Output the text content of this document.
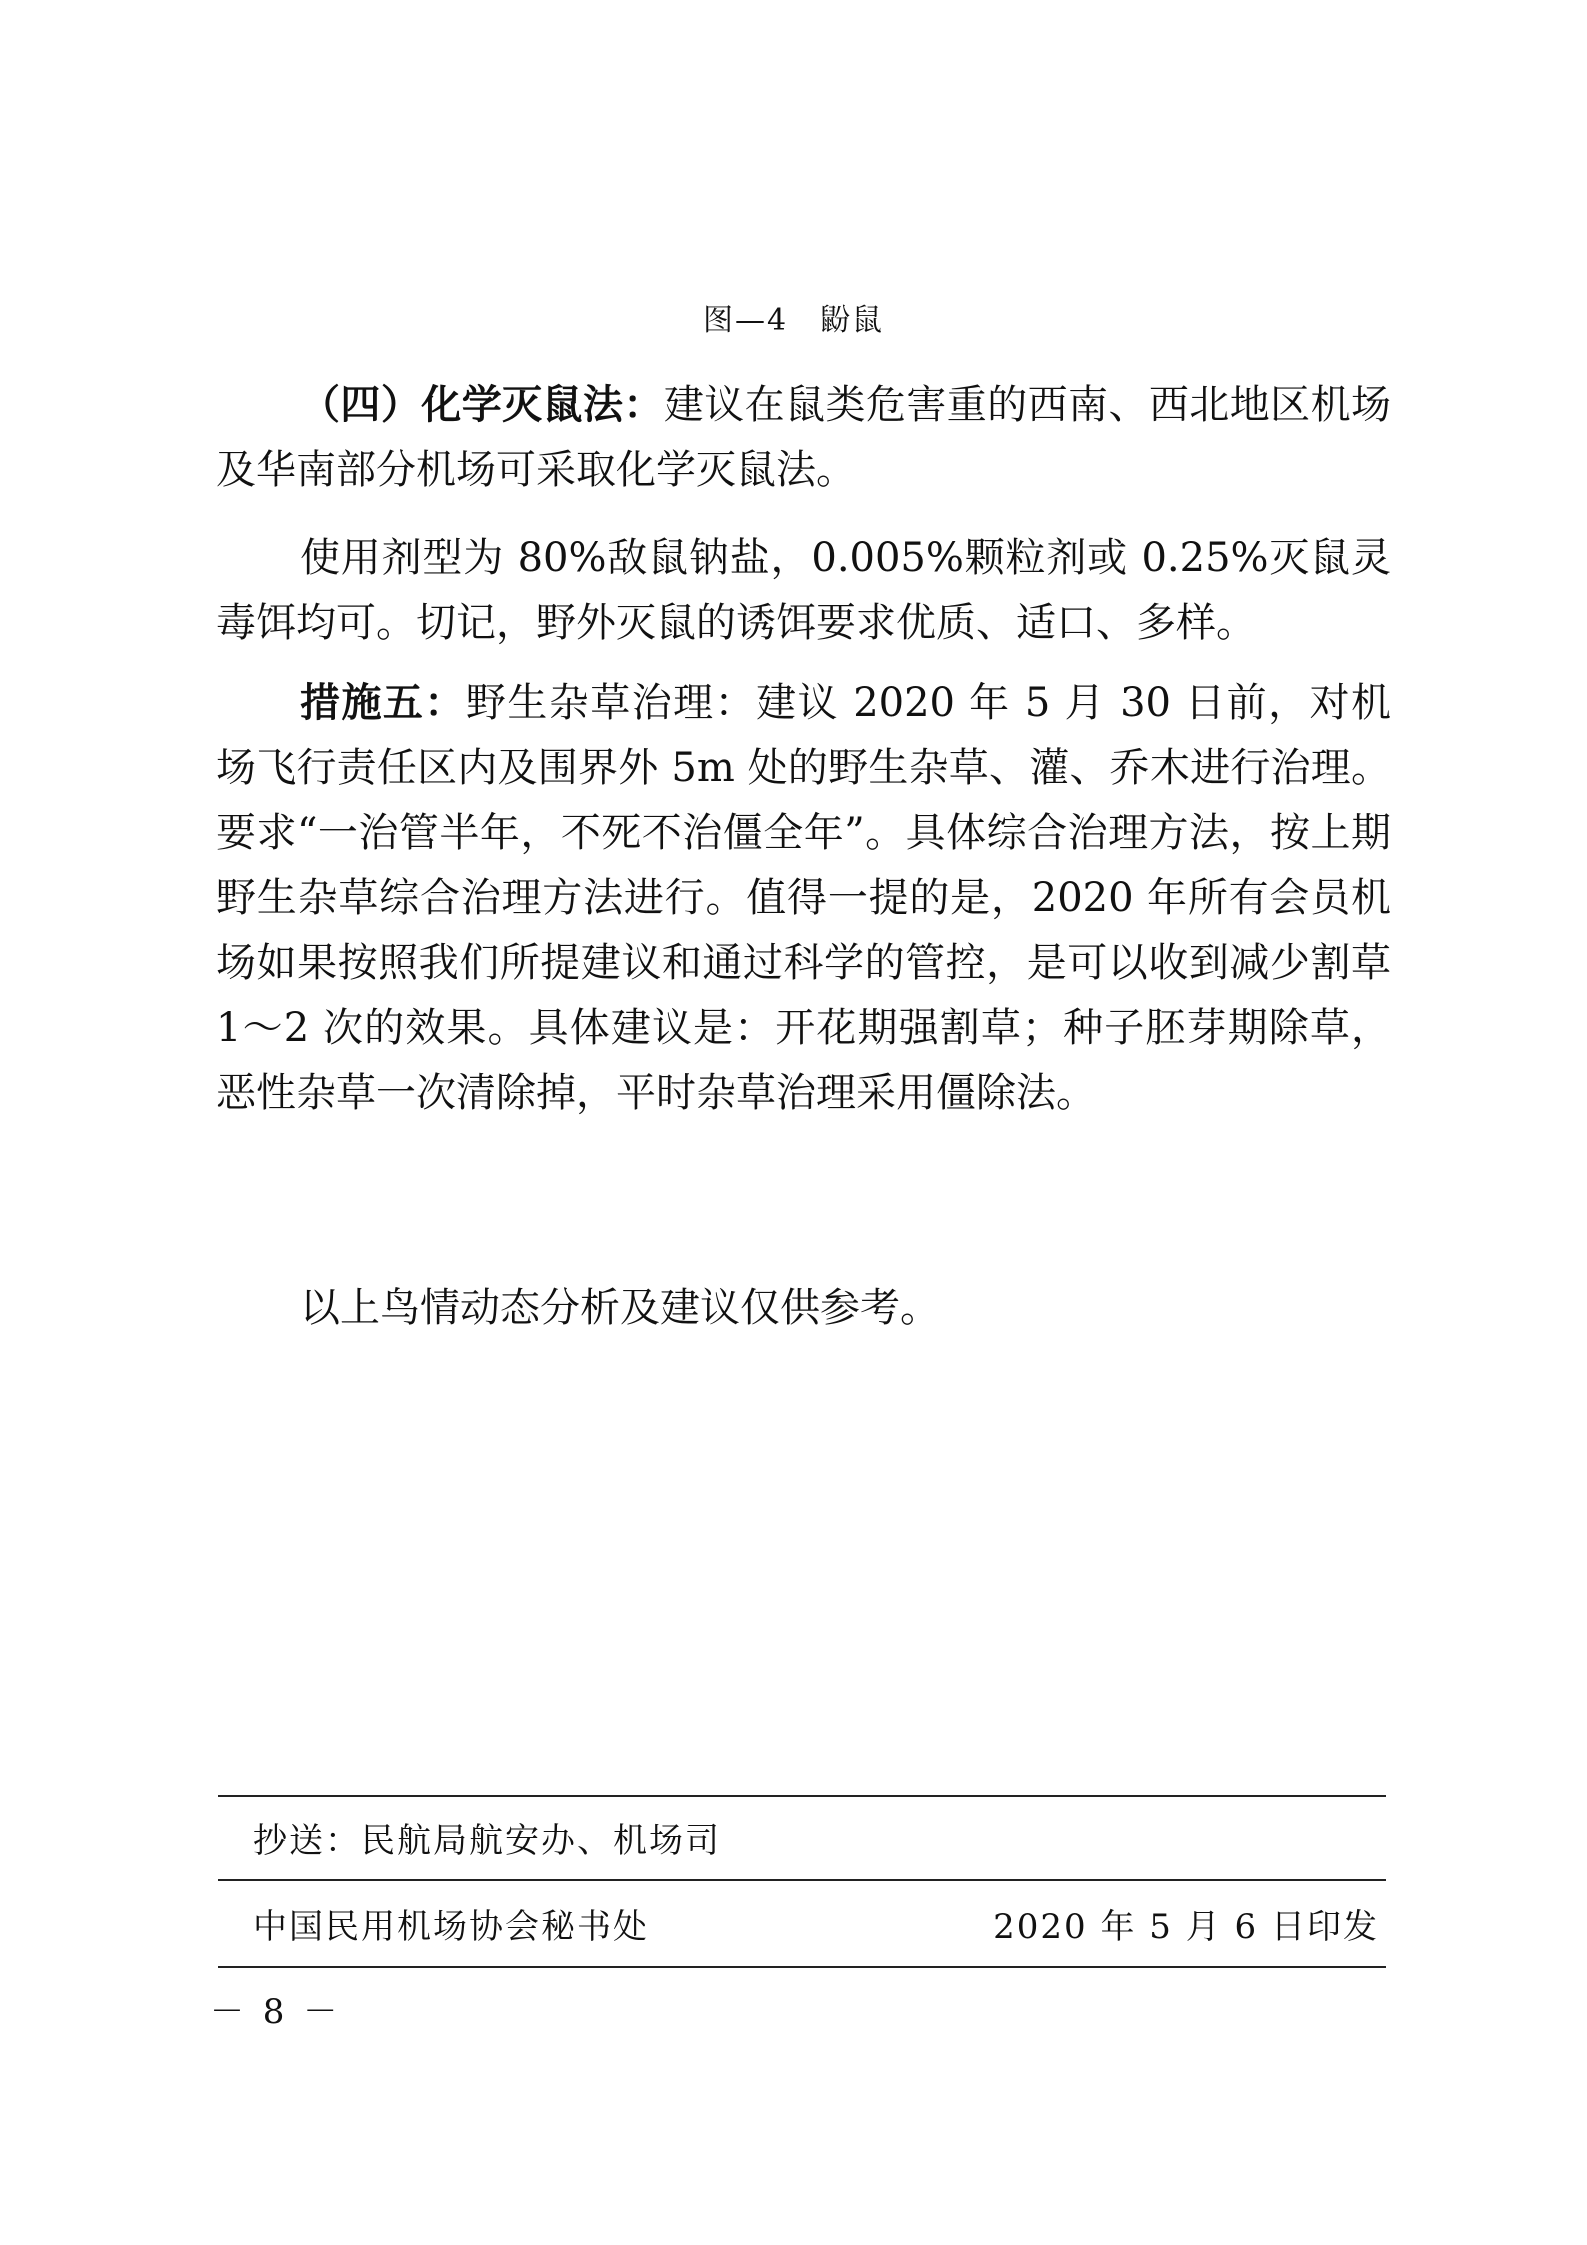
图—4　鼢鼠

（四）化学灭鼠法：建议在鼠类危害重的西南、西北地区机场及华南部分机场可采取化学灭鼠法。

使用剂型为 80%敌鼠钠盐，0.005%颗粒剂或 0.25%灭鼠灵毒饵均可。切记，野外灭鼠的诱饵要求优质、适口、多样。

措施五：野生杂草治理：建议 2020 年 5 月 30 日前，对机场飞行责任区内及围界外 5m 处的野生杂草、灌、乔木进行治理。要求“一治管半年，不死不治僵全年”。具体综合治理方法，按上期野生杂草综合治理方法进行。值得一提的是，2020 年所有会员机场如果按照我们所提建议和通过科学的管控，是可以收到减少割草 1～2 次的效果。具体建议是：开花期强割草；种子胚芽期除草，恶性杂草一次清除掉，平时杂草治理采用僵除法。

以上鸟情动态分析及建议仅供参考。

抄送：民航局航安办、机场司
中国民用机场协会秘书处	2020 年 5 月 6 日印发
－ 8 －
